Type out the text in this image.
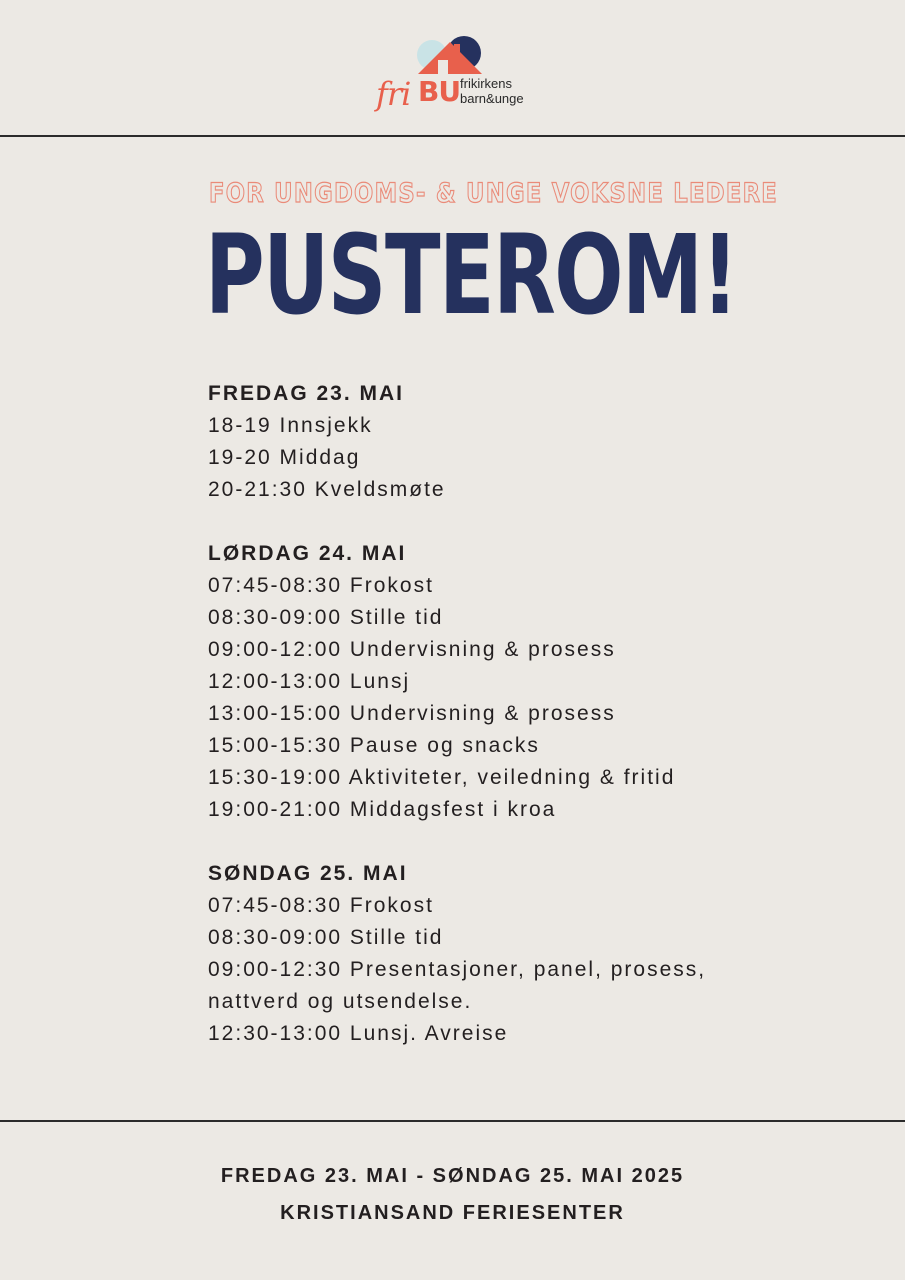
fri BU frikirkens
barn&unge
FOR UNGDOMS- & UNGE VOKSNE LEDERE
PUSTEROM!
FREDAG 23. MAI
18-19 Innsjekk
19-20 Middag
20-21:30 Kveldsmøte
LØRDAG 24. MAI
07:45-08:30 Frokost
08:30-09:00 Stille tid
09:00-12:00 Undervisning & prosess
12:00-13:00 Lunsj
13:00-15:00 Undervisning & prosess
15:00-15:30 Pause og snacks
15:30-19:00 Aktiviteter, veiledning & fritid
19:00-21:00 Middagsfest i kroa
SØNDAG 25. MAI
07:45-08:30 Frokost
08:30-09:00 Stille tid
09:00-12:30 Presentasjoner, panel, prosess,
nattverd og utsendelse.
12:30-13:00 Lunsj. Avreise
FREDAG 23. MAI - SØNDAG 25. MAI 2025
KRISTIANSAND FERIESENTER
